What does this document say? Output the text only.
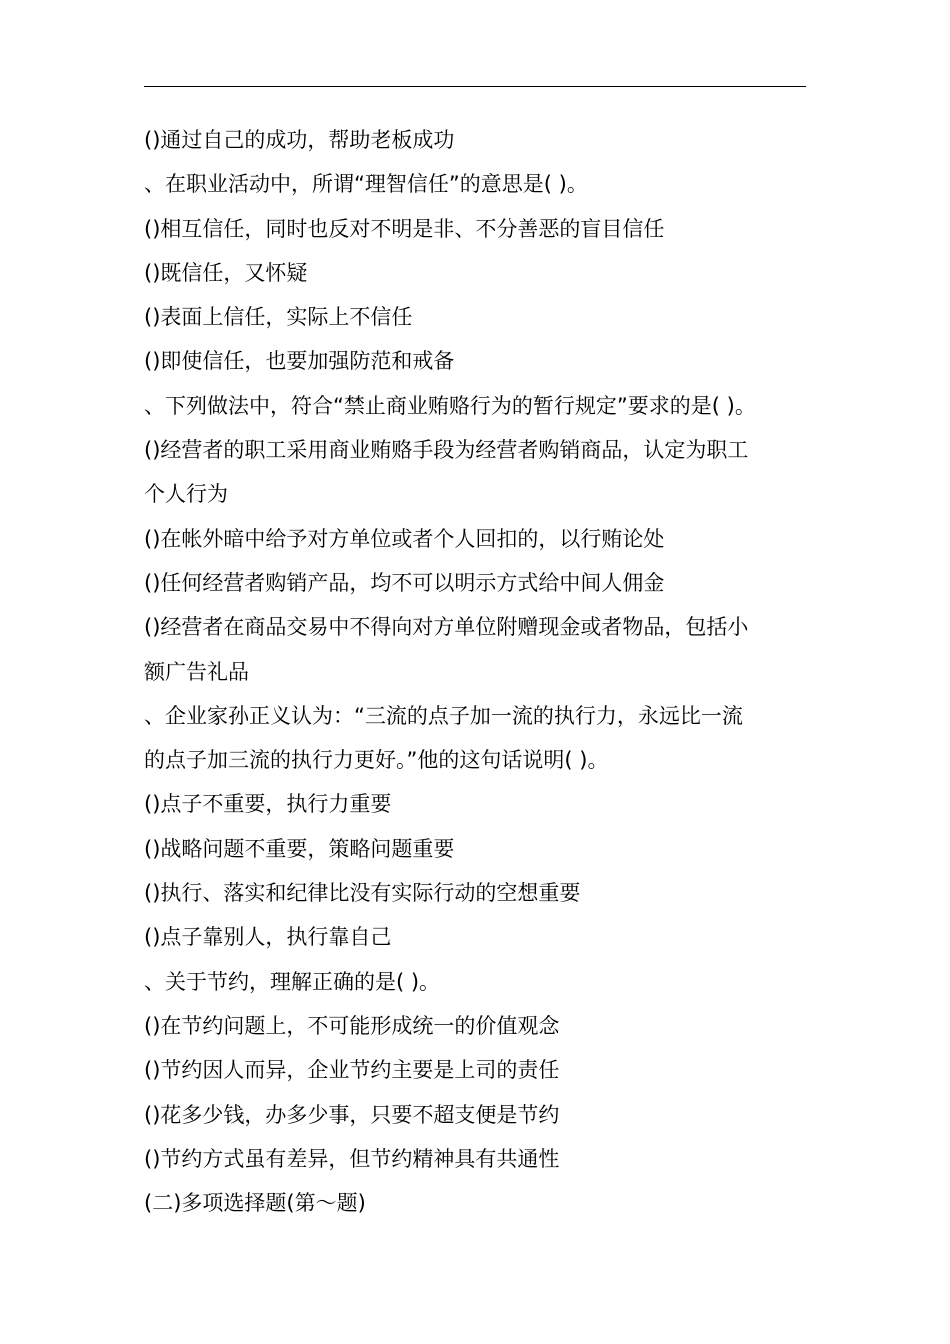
()通过自己的成功，帮助老板成功
、在职业活动中，所谓“理智信任”的意思是( )。
()相互信任，同时也反对不明是非、不分善恶的盲目信任
()既信任，又怀疑
()表面上信任，实际上不信任
()即使信任，也要加强防范和戒备
、下列做法中，符合“禁止商业贿赂行为的暂行规定”要求的是( )。
()经营者的职工采用商业贿赂手段为经营者购销商品，认定为职工
个人行为
()在帐外暗中给予对方单位或者个人回扣的，以行贿论处
()任何经营者购销产品，均不可以明示方式给中间人佣金
()经营者在商品交易中不得向对方单位附赠现金或者物品，包括小
额广告礼品
、企业家孙正义认为：“三流的点子加一流的执行力，永远比一流
的点子加三流的执行力更好。”他的这句话说明( )。
()点子不重要，执行力重要
()战略问题不重要，策略问题重要
()执行、落实和纪律比没有实际行动的空想重要
()点子靠别人，执行靠自己
、关于节约，理解正确的是( )。
()在节约问题上，不可能形成统一的价值观念
()节约因人而异，企业节约主要是上司的责任
()花多少钱，办多少事，只要不超支便是节约
()节约方式虽有差异，但节约精神具有共通性
(二)多项选择题(第～题)
